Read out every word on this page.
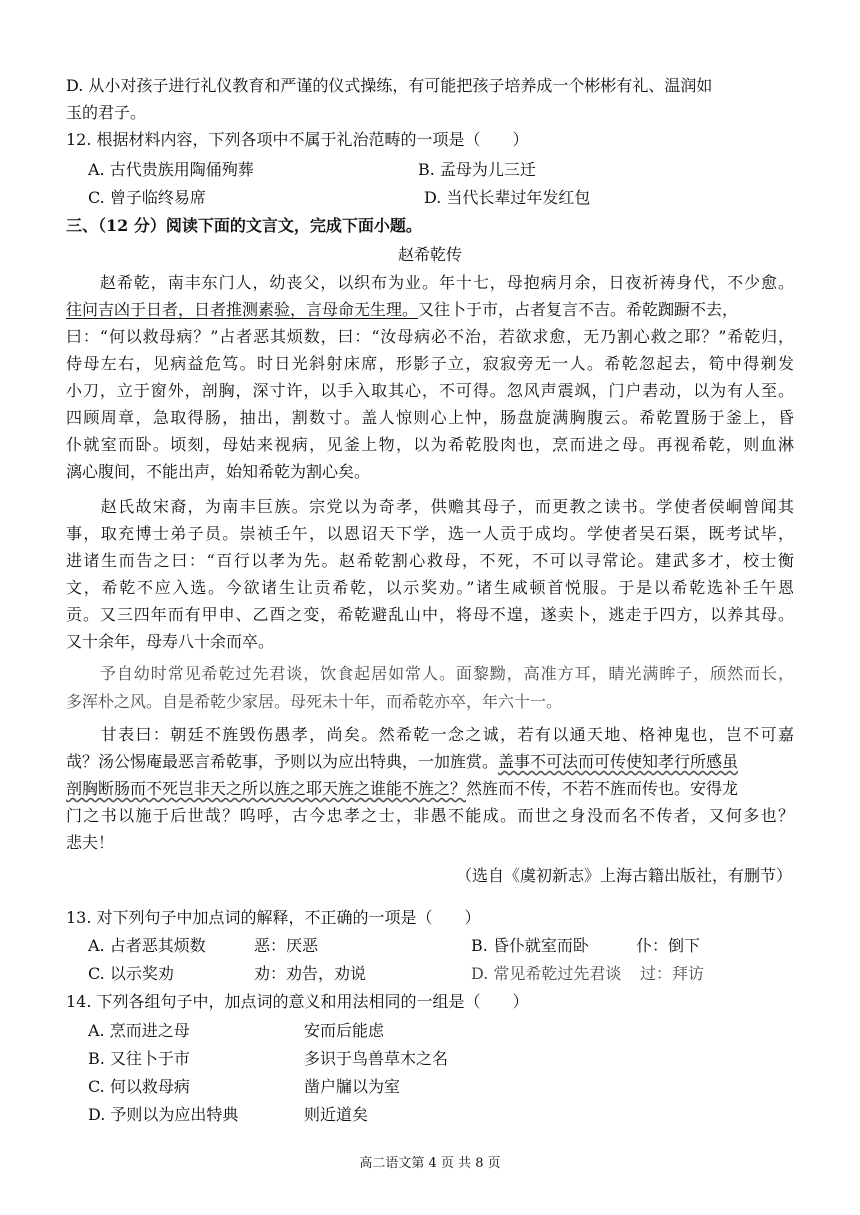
D. 从小对孩子进行礼仪教育和严谨的仪式操练，有可能把孩子培养成一个彬彬有礼、温润如
玉的君子。
12. 根据材料内容，下列各项中不属于礼治范畴的一项是（　　）
A. 古代贵族用陶俑殉葬	B. 孟母为儿三迁
C. 曾子临终易席	D. 当代长辈过年发红包
三、（12 分）阅读下面的文言文，完成下面小题。
赵希乾传
　　赵希乾，南丰东门人，幼丧父，以织布为业。年十七，母抱病月余，日夜祈祷身代，不少愈。
往问吉凶于日者，日者推测素验，言母命无生理。又往卜于市，占者复言不吉。希乾踟蹰不去，
曰：“何以救母病？”占者恶其烦数，曰：“汝母病必不治，若欲求愈，无乃割心救之耶？”希乾归，
侍母左右，见病益危笃。时日光斜射床席，形影子立，寂寂旁无一人。希乾忽起去，筍中得剃发
小刀，立于窗外，剖胸，深寸许，以手入取其心，不可得。忽风声震飒，门户砉动，以为有人至。
四顾周章，急取得肠，抽出，割数寸。盖人惊则心上忡，肠盘旋满胸腹云。希乾置肠于釜上，昏
仆就室而卧。顷刻，母姑来视病，见釜上物，以为希乾股肉也，烹而进之母。再视希乾，则血淋
漓心腹间，不能出声，始知希乾为割心矣。
　　赵氏故宋裔，为南丰巨族。宗党以为奇孝，供赡其母子，而更教之读书。学使者侯峒曾闻其
事，取充博士弟子员。崇祯壬午，以恩诏天下学，选一人贡于成均。学使者吴石渠，既考试毕，
进诸生而告之曰：“百行以孝为先。赵希乾割心救母，不死，不可以寻常论。建武多才，校士衡
文，希乾不应入选。今欲诸生让贡希乾，以示奖劝。”诸生咸顿首悦服。于是以希乾选补壬午恩
贡。又三四年而有甲申、乙酉之变，希乾避乱山中，将母不遑，遂卖卜，逃走于四方，以养其母。
又十余年，母寿八十余而卒。
　　予自幼时常见希乾过先君谈，饮食起居如常人。面黎黝，高准方耳，睛光满眸子，颀然而长，
多浑朴之风。自是希乾少家居。母死未十年，而希乾亦卒，年六十一。
　　甘表曰：朝廷不旌毁伤愚孝，尚矣。然希乾一念之诚，若有以通天地、格神鬼也，岂不可嘉
哉？汤公惕庵最恶言希乾事，予则以为应出特典，一加旌赏。盖事不可法而可传使知孝行所感虽
剖胸断肠而不死岂非天之所以旌之耶天旌之谁能不旌之？然旌而不传，不若不旌而传也。安得龙
门之书以施于后世哉？呜呼，古今忠孝之士，非愚不能成。而世之身没而名不传者，又何多也？
悲夫！
（选自《虞初新志》上海古籍出版社，有删节）
13. 对下列句子中加点词的解释，不正确的一项是（　　）
A. 占者恶其烦数	恶：厌恶	B. 昏仆就室而卧	仆：倒下
C. 以示奖劝	劝：劝告，劝说	D. 常见希乾过先君谈 过：拜访
14. 下列各组句子中，加点词的意义和用法相同的一组是（　　）
A. 烹而进之母	安而后能虑
B. 又往卜于市	多识于鸟兽草木之名
C. 何以救母病	凿户牖以为室
D. 予则以为应出特典	则近道矣
高二语文第 4 页 共 8 页
